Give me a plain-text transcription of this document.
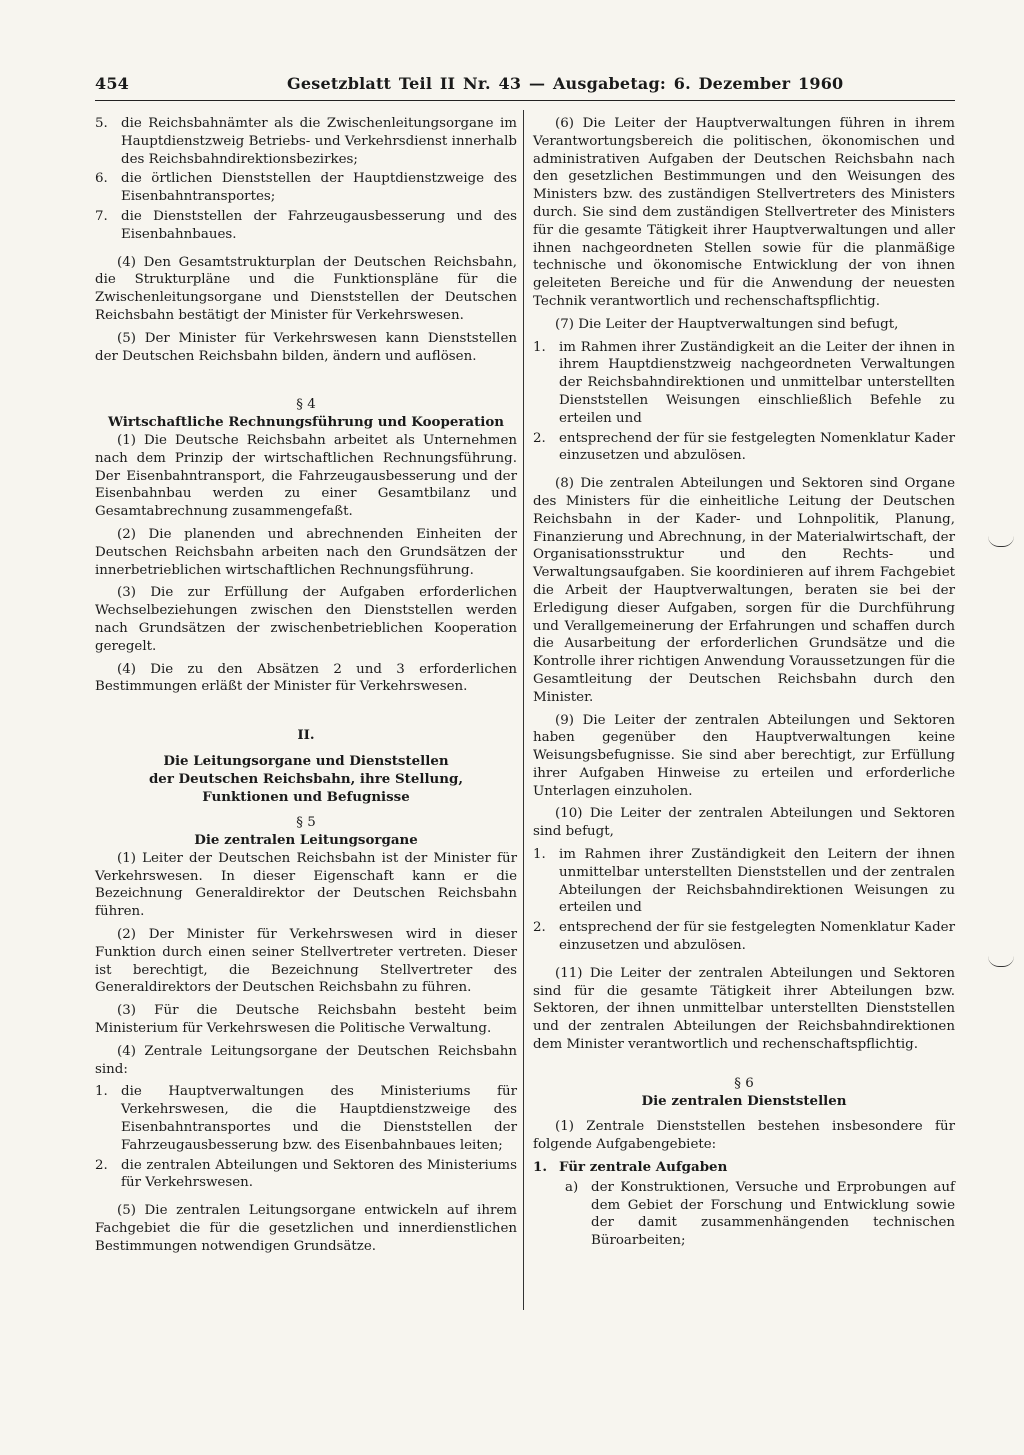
454	Gesetzblatt Teil II Nr. 43 — Ausgabetag: 6. Dezember 1960
5. die Reichsbahnämter als die Zwischenleitungsorgane im Hauptdienstzweig Betriebs- und Verkehrsdienst innerhalb des Reichsbahndirektionsbezirkes;
6. die örtlichen Dienststellen der Hauptdienstzweige des Eisenbahntransportes;
7. die Dienststellen der Fahrzeugausbesserung und des Eisenbahnbaues.

(4) Den Gesamtstrukturplan der Deutschen Reichsbahn, die Strukturpläne und die Funktionspläne für die Zwischenleitungsorgane und Dienststellen der Deutschen Reichsbahn bestätigt der Minister für Verkehrswesen.

(5) Der Minister für Verkehrswesen kann Dienststellen der Deutschen Reichsbahn bilden, ändern und auflösen.

§ 4

Wirtschaftliche Rechnungsführung und Kooperation

(1) Die Deutsche Reichsbahn arbeitet als Unternehmen nach dem Prinzip der wirtschaftlichen Rechnungsführung. Der Eisenbahntransport, die Fahrzeugausbesserung und der Eisenbahnbau werden zu einer Gesamtbilanz und Gesamtabrechnung zusammengefaßt.

(2) Die planenden und abrechnenden Einheiten der Deutschen Reichsbahn arbeiten nach den Grundsätzen der innerbetrieblichen wirtschaftlichen Rechnungsführung.

(3) Die zur Erfüllung der Aufgaben erforderlichen Wechselbeziehungen zwischen den Dienststellen werden nach Grundsätzen der zwischenbetrieblichen Kooperation geregelt.

(4) Die zu den Absätzen 2 und 3 erforderlichen Bestimmungen erläßt der Minister für Verkehrswesen.

II.

Die Leitungsorgane und Dienststellen

der Deutschen Reichsbahn, ihre Stellung,

Funktionen und Befugnisse

§ 5

Die zentralen Leitungsorgane

(1) Leiter der Deutschen Reichsbahn ist der Minister für Verkehrswesen. In dieser Eigenschaft kann er die Bezeichnung Generaldirektor der Deutschen Reichsbahn führen.

(2) Der Minister für Verkehrswesen wird in dieser Funktion durch einen seiner Stellvertreter vertreten. Dieser ist berechtigt, die Bezeichnung Stellvertreter des Generaldirektors der Deutschen Reichsbahn zu führen.

(3) Für die Deutsche Reichsbahn besteht beim Ministerium für Verkehrswesen die Politische Verwaltung.

(4) Zentrale Leitungsorgane der Deutschen Reichsbahn sind:

1. die Hauptverwaltungen des Ministeriums für Verkehrswesen, die die Hauptdienstzweige des Eisenbahntransportes und die Dienststellen der Fahrzeugausbesserung bzw. des Eisenbahnbaues leiten;
2. die zentralen Abteilungen und Sektoren des Ministeriums für Verkehrswesen.

(5) Die zentralen Leitungsorgane entwickeln auf ihrem Fachgebiet die für die gesetzlichen und innerdienstlichen Bestimmungen notwendigen Grundsätze.

(6) Die Leiter der Hauptverwaltungen führen in ihrem Verantwortungsbereich die politischen, ökonomischen und administrativen Aufgaben der Deutschen Reichsbahn nach den gesetzlichen Bestimmungen und den Weisungen des Ministers bzw. des zuständigen Stellvertreters des Ministers durch. Sie sind dem zuständigen Stellvertreter des Ministers für die gesamte Tätigkeit ihrer Hauptverwaltungen und aller ihnen nachgeordneten Stellen sowie für die planmäßige technische und ökonomische Entwicklung der von ihnen geleiteten Bereiche und für die Anwendung der neuesten Technik verantwortlich und rechenschaftspflichtig.

(7) Die Leiter der Hauptverwaltungen sind befugt,

1. im Rahmen ihrer Zuständigkeit an die Leiter der ihnen in ihrem Hauptdienstzweig nachgeordneten Verwaltungen der Reichsbahndirektionen und unmittelbar unterstellten Dienststellen Weisungen einschließlich Befehle zu erteilen und
2. entsprechend der für sie festgelegten Nomenklatur Kader einzusetzen und abzulösen.

(8) Die zentralen Abteilungen und Sektoren sind Organe des Ministers für die einheitliche Leitung der Deutschen Reichsbahn in der Kader- und Lohnpolitik, Planung, Finanzierung und Abrechnung, in der Materialwirtschaft, der Organisationsstruktur und den Rechts- und Verwaltungsaufgaben. Sie koordinieren auf ihrem Fachgebiet die Arbeit der Hauptverwaltungen, beraten sie bei der Erledigung dieser Aufgaben, sorgen für die Durchführung und Verallgemeinerung der Erfahrungen und schaffen durch die Ausarbeitung der erforderlichen Grundsätze und die Kontrolle ihrer richtigen Anwendung Voraussetzungen für die Gesamtleitung der Deutschen Reichsbahn durch den Minister.

(9) Die Leiter der zentralen Abteilungen und Sektoren haben gegenüber den Hauptverwaltungen keine Weisungsbefugnisse. Sie sind aber berechtigt, zur Erfüllung ihrer Aufgaben Hinweise zu erteilen und erforderliche Unterlagen einzuholen.

(10) Die Leiter der zentralen Abteilungen und Sektoren sind befugt,

1. im Rahmen ihrer Zuständigkeit den Leitern der ihnen unmittelbar unterstellten Dienststellen und der zentralen Abteilungen der Reichsbahndirektionen Weisungen zu erteilen und
2. entsprechend der für sie festgelegten Nomenklatur Kader einzusetzen und abzulösen.

(11) Die Leiter der zentralen Abteilungen und Sektoren sind für die gesamte Tätigkeit ihrer Abteilungen bzw. Sektoren, der ihnen unmittelbar unterstellten Dienststellen und der zentralen Abteilungen der Reichsbahndirektionen dem Minister verantwortlich und rechenschaftspflichtig.

§ 6

Die zentralen Dienststellen

(1) Zentrale Dienststellen bestehen insbesondere für folgende Aufgabengebiete:

1. Für zentrale Aufgaben
a) der Konstruktionen, Versuche und Erprobungen auf dem Gebiet der Forschung und Entwicklung sowie der damit zusammenhängenden technischen Büroarbeiten;
